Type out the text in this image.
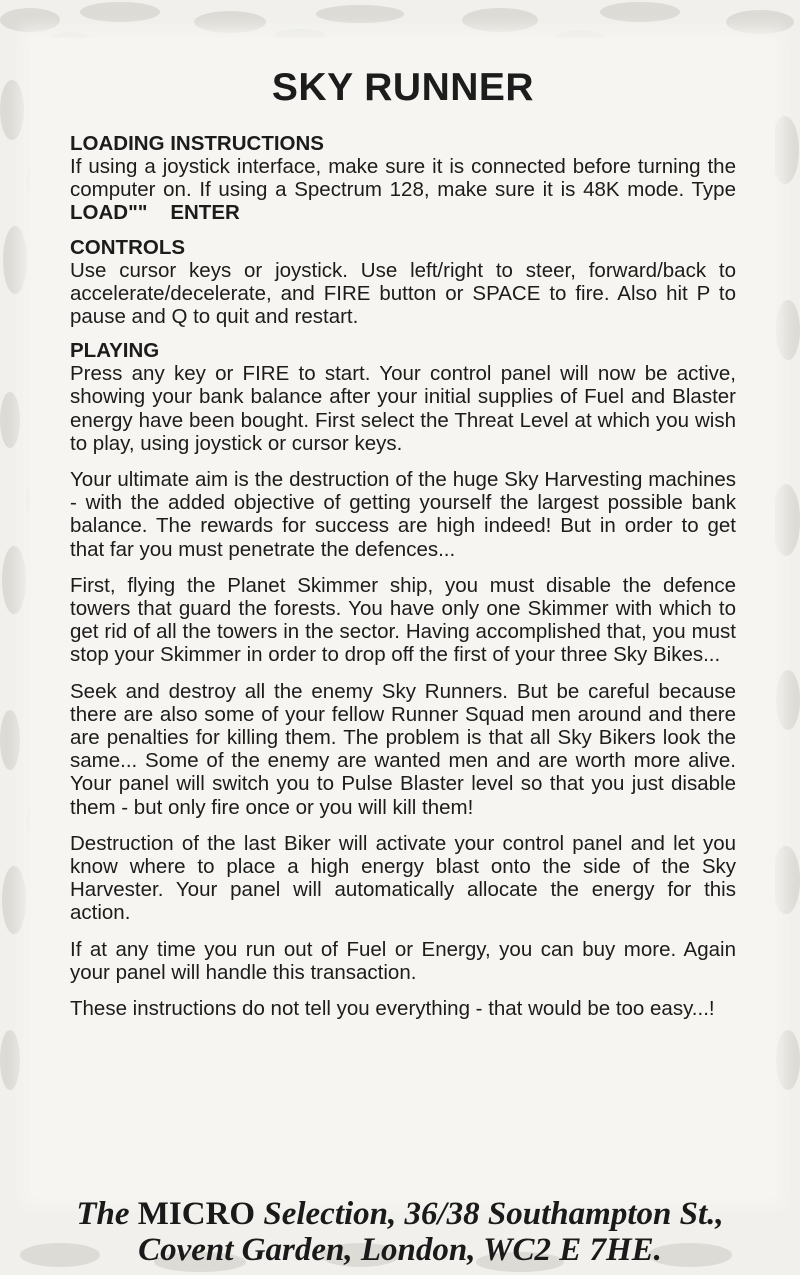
SKY RUNNER
LOADING INSTRUCTIONS

If using a joystick interface, make sure it is connected before turning the computer on. If using a Spectrum 128, make sure it is 48K mode. Type LOAD"" ENTER

CONTROLS

Use cursor keys or joystick. Use left/right to steer, forward/back to accelerate/decelerate, and FIRE button or SPACE to fire. Also hit P to pause and Q to quit and restart.

PLAYING

Press any key or FIRE to start. Your control panel will now be active, showing your bank balance after your initial supplies of Fuel and Blaster energy have been bought. First select the Threat Level at which you wish to play, using joystick or cursor keys.

Your ultimate aim is the destruction of the huge Sky Harvesting machines - with the added objective of getting yourself the largest possible bank balance. The rewards for success are high indeed! But in order to get that far you must penetrate the defences...

First, flying the Planet Skimmer ship, you must disable the defence towers that guard the forests. You have only one Skimmer with which to get rid of all the towers in the sector. Having accomplished that, you must stop your Skimmer in order to drop off the first of your three Sky Bikes...

Seek and destroy all the enemy Sky Runners. But be careful because there are also some of your fellow Runner Squad men around and there are penalties for killing them. The problem is that all Sky Bikers look the same... Some of the enemy are wanted men and are worth more alive. Your panel will switch you to Pulse Blaster level so that you just disable them - but only fire once or you will kill them!

Destruction of the last Biker will activate your control panel and let you know where to place a high energy blast onto the side of the Sky Harvester. Your panel will automatically allocate the energy for this action.

If at any time you run out of Fuel or Energy, you can buy more. Again your panel will handle this transaction.

These instructions do not tell you everything - that would be too easy...!

The MICRO Selection, 36/38 Southampton St.,
Covent Garden, London, WC2 E 7HE.
